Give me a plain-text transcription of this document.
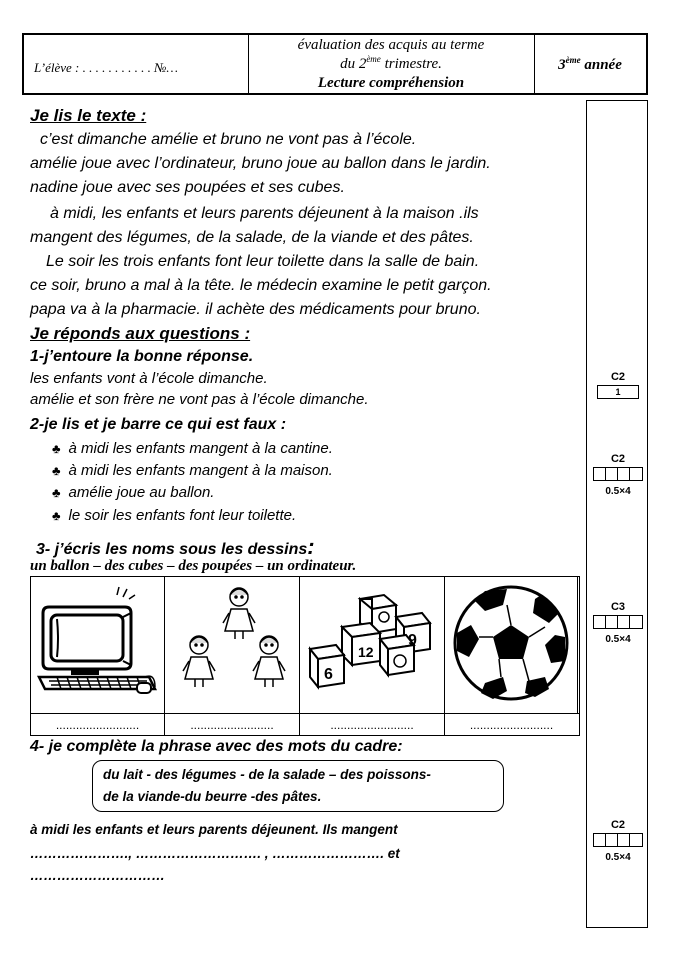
L’élève : . . . . . . . . . . . №…
évaluation des acquis au terme
du 2ème trimestre.
Lecture compréhension
3ème année
C2
1
C2
0.5×4
C3
0.5×4
C2
0.5×4
Je lis le texte :
c’est dimanche amélie et bruno ne vont pas à l’école.
amélie joue avec l’ordinateur, bruno joue au ballon dans le jardin.
nadine joue avec ses poupées et ses cubes.
à midi, les enfants et leurs parents déjeunent à la maison .ils
mangent des légumes, de la salade, de la viande et des pâtes.
Le soir les trois enfants font leur toilette dans la salle de bain.
ce soir, bruno a mal à la tête. le médecin examine le petit garçon.
papa va à la pharmacie. il achète des médicaments pour bruno.
Je réponds aux questions :
1-j’entoure la bonne réponse.
les enfants vont à l’école dimanche.
amélie et son frère ne vont pas à l’école dimanche.
2-je lis et je barre ce qui est faux :
♣ à midi les enfants mangent à la cantine.
♣ à midi les enfants mangent à la maison.
♣ amélie joue au ballon.
♣ le soir les enfants font leur toilette.
3- j’écris les noms sous les dessins:
un ballon – des cubes – des poupées – un ordinateur.
9
12
6
.........................	.........................	.........................	.........................
4- je complète la phrase avec des mots du cadre:
du lait - des légumes - de la salade – des poissons-
de la viande-du beurre -des pâtes.
à midi les enfants et leurs parents déjeunent. Ils mangent
…………………., ………………………. , ……………………. et
…………………………
